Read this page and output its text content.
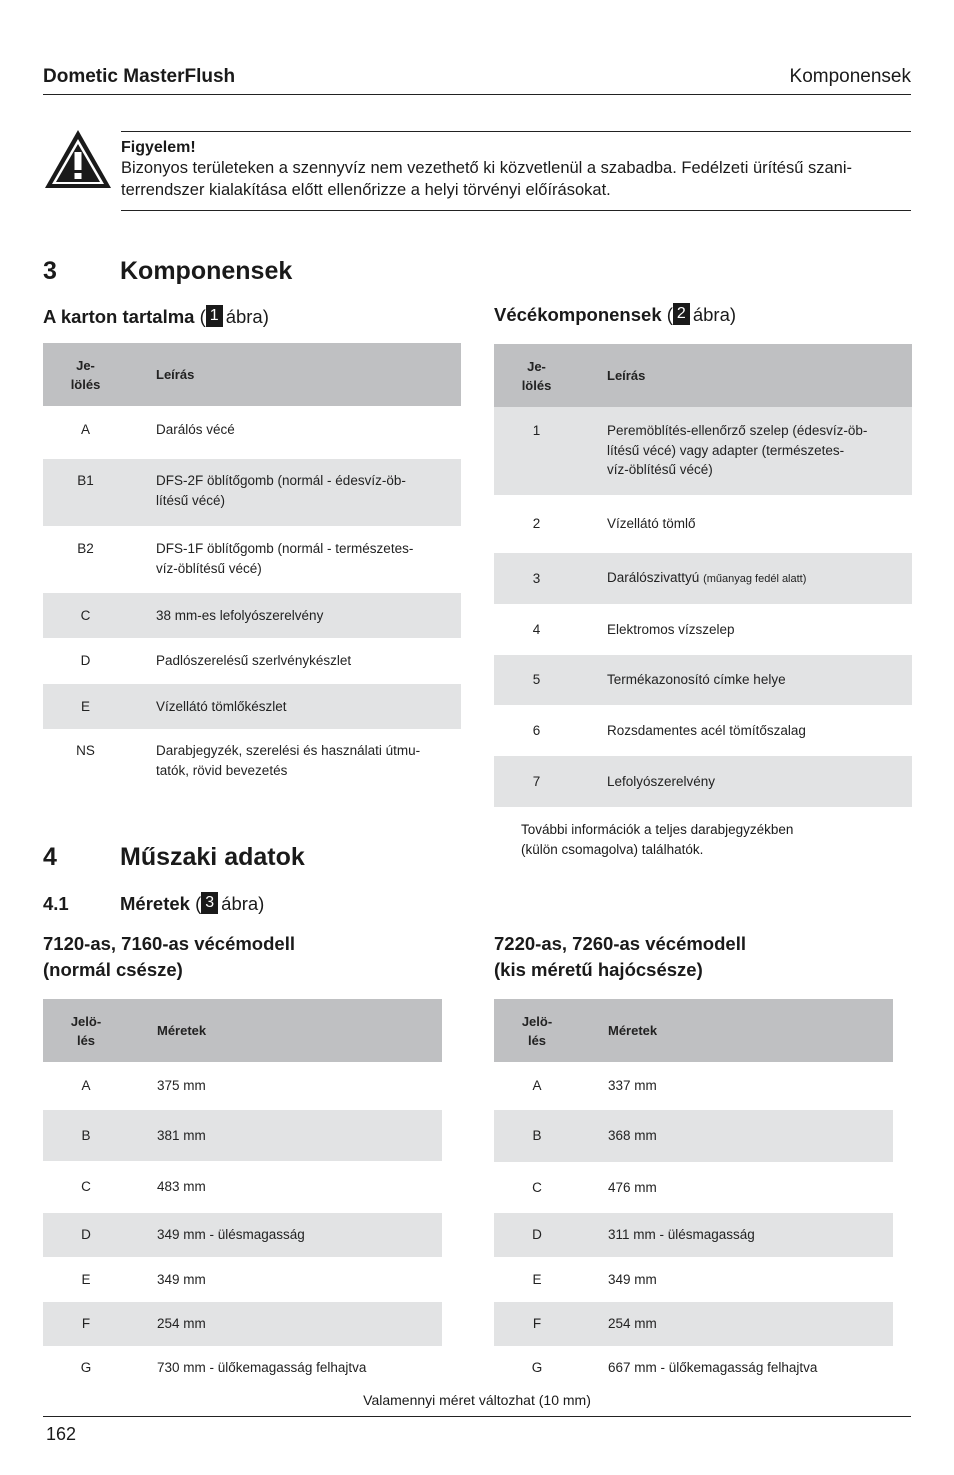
Dometic MasterFlush	Komponensek
Figyelem!
Bizonyos területeken a szennyvíz nem vezethető ki közvetlenül a szabadba. Fedélzeti ürítésű szani-
terrendszer kialakítása előtt ellenőrizze a helyi törvényi előírásokat.
3	Komponensek
A karton tartalma ( 1 ábra)
Je-
lölés	Leírás
A	Darálós vécé
B1	DFS-2F öblítőgomb (normál - édesvíz-öb-
lítésű vécé)

B2	DFS-1F öblítőgomb (normál - természetes-
víz-öblítésű vécé)

C	38 mm-es lefolyószerelvény
D	Padlószerelésű szerlvénykészlet
E	Vízellátó tömlőkészlet
NS	Darabjegyzék, szerelési és használati útmu-
tatók, rövid bevezetés
Vécékomponensek ( 2 ábra)
Je-
lölés	Leírás
1	Peremöblítés-ellenőrző szelep (édesvíz-öb-
lítésű vécé) vagy adapter (természetes-
víz-öblítésű vécé)

2	Vízellátó tömlő
3	Darálószivattyú (műanyag fedél alatt)
4	Elektromos vízszelep
5	Termékazonosító címke helye
6	Rozsdamentes acél tömítőszalag
7	Lefolyószerelvény
További információk a teljes darabjegyzékben
(külön csomagolva) találhatók.
4	Műszaki adatok
4.1	Méretek ( 3 ábra)
7120-as, 7160-as vécémodell
(normál csésze)
7220-as, 7260-as vécémodell
(kis méretű hajócsésze)
Jelö-
lés	Méretek
A	375 mm
B	381 mm
C	483 mm
D	349 mm - ülésmagasság
E	349 mm
F	254 mm
G	730 mm - ülőkemagasság felhajtva
Jelö-
lés	Méretek
A	337 mm
B	368 mm
C	476 mm
D	311 mm - ülésmagasság
E	349 mm
F	254 mm
G	667 mm - ülőkemagasság felhajtva
Valamennyi méret változhat (10 mm)
162
